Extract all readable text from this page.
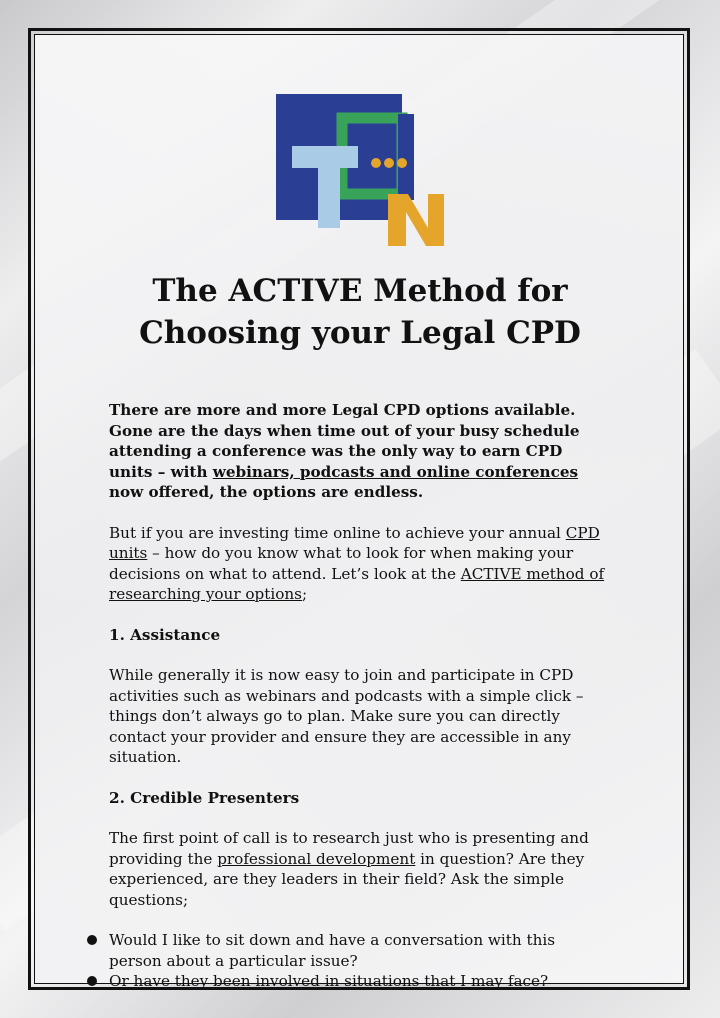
The ACTIVE Method for
Choosing your Legal CPD

There are more and more Legal CPD options available. Gone are the days when time out of your busy schedule attending a conference was the only way to earn CPD units – with webinars, podcasts and online conferences now offered, the options are endless.

But if you are investing time online to achieve your annual CPD units – how do you know what to look for when making your decisions on what to attend. Let’s look at the ACTIVE method of researching your options;

1. Assistance

While generally it is now easy to join and participate in CPD activities such as webinars and podcasts with a simple click – things don’t always go to plan. Make sure you can directly contact your provider and ensure they are accessible in any situation.

2. Credible Presenters

The first point of call is to research just who is presenting and providing the professional development in question? Are they experienced, are they leaders in their field? Ask the simple questions;

Would I like to sit down and have a conversation with this person about a particular issue?
Or have they been involved in situations that I may face?
